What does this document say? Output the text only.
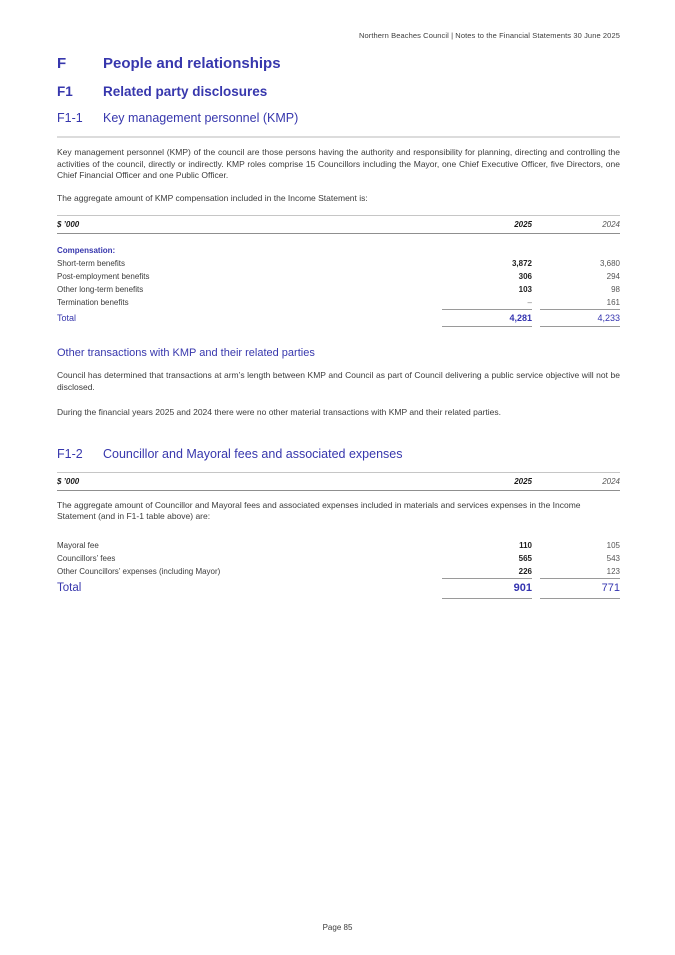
Northern Beaches Council | Notes to the Financial Statements 30 June 2025
F	People and relationships
F1	Related party disclosures
F1-1	Key management personnel (KMP)

Key management personnel (KMP) of the council are those persons having the authority and responsibility for planning, directing and controlling the activities of the council, directly or indirectly. KMP roles comprise 15 Councillors including the Mayor, one Chief Executive Officer, five Directors, one Chief Financial Officer and one Public Officer.

The aggregate amount of KMP compensation included in the Income Statement is:

$ ’000	2025	2024
Compensation:
Short-term benefits	3,872	3,680
Post-employment benefits	306	294
Other long-term benefits	103	98
Termination benefits	–	161
Total	4,281	4,233
Other transactions with KMP and their related parties

Council has determined that transactions at arm’s length between KMP and Council as part of Council delivering a public service objective will not be disclosed.

During the financial years 2025 and 2024 there were no other material transactions with KMP and their related parties.

F1-2	Councillor and Mayoral fees and associated expenses
$ ’000	2025	2024

The aggregate amount of Councillor and Mayoral fees and associated expenses included in materials and services expenses in the Income Statement (and in F1-1 table above) are:

Mayoral fee	110	105
Councillors’ fees	565	543
Other Councillors’ expenses (including Mayor)	226	123
Total	901	771
Page 85
